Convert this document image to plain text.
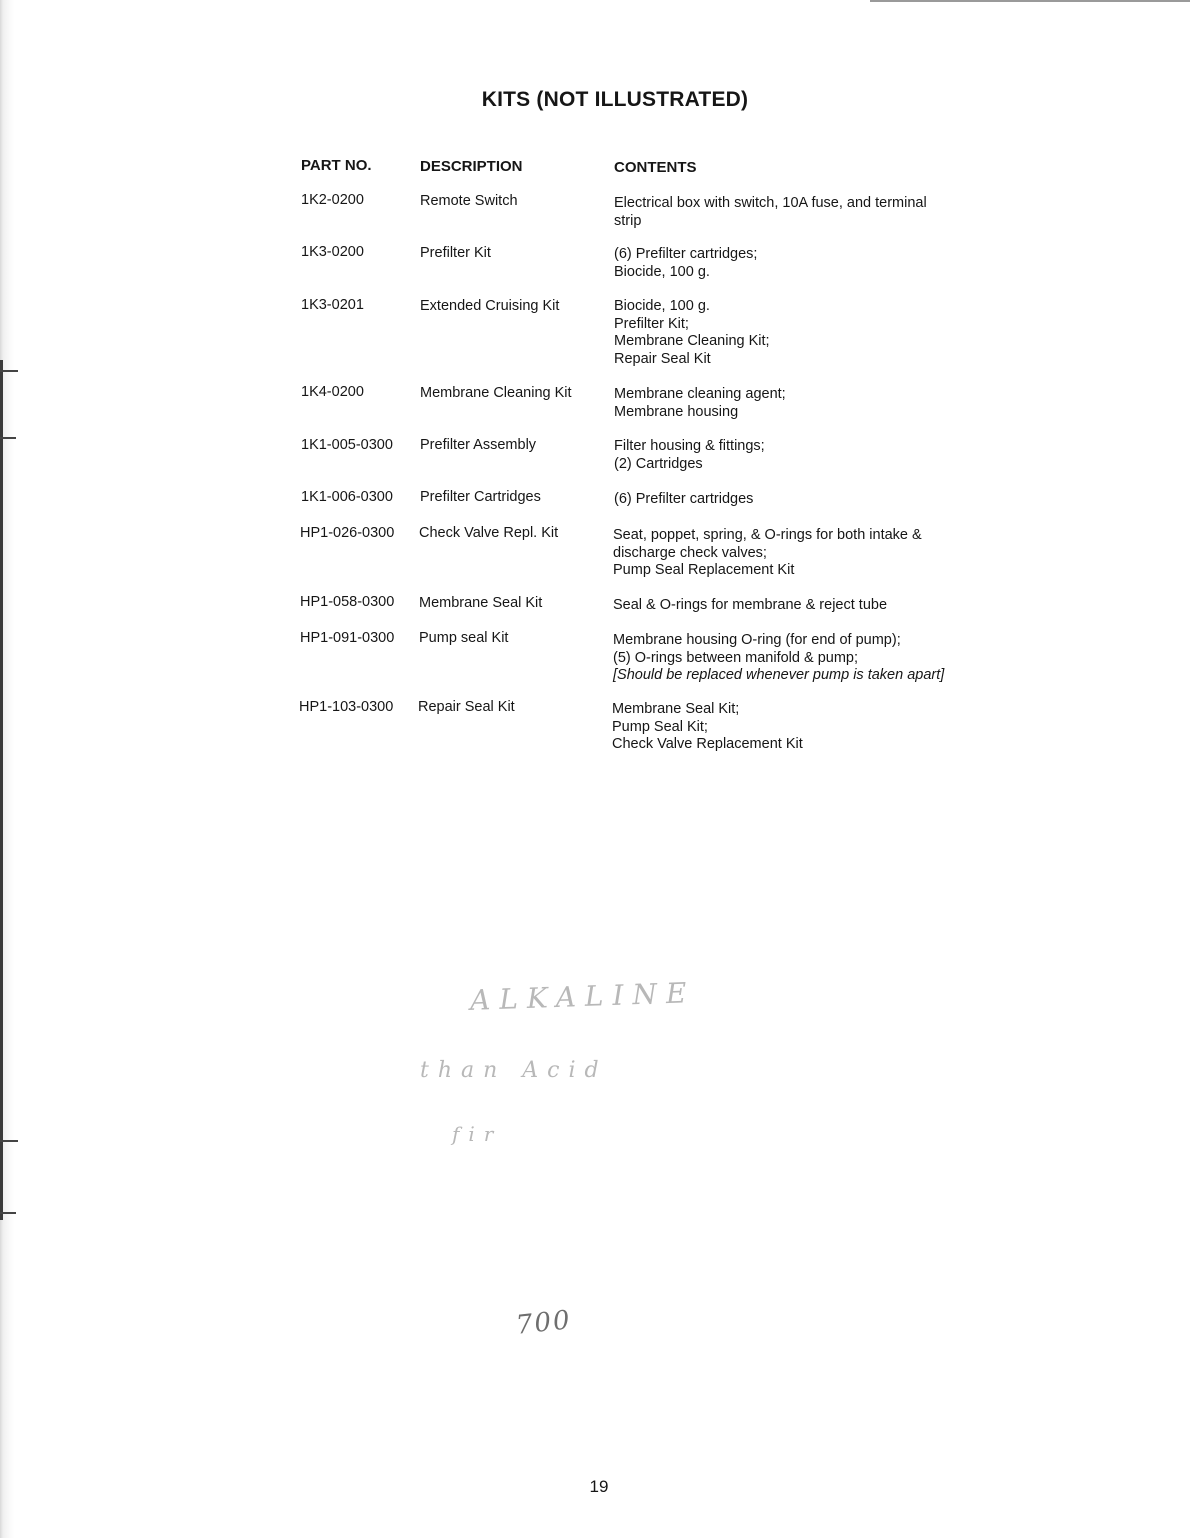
KITS (NOT ILLUSTRATED)
PART NO.	DESCRIPTION	CONTENTS
1K2-0200	Remote Switch	Electrical box with switch, 10A fuse, and terminal
strip
1K3-0200	Prefilter Kit	(6) Prefilter cartridges;
Biocide, 100 g.
1K3-0201	Extended Cruising Kit	Biocide, 100 g.
Prefilter Kit;
Membrane Cleaning Kit;
Repair Seal Kit
1K4-0200	Membrane Cleaning Kit	Membrane cleaning agent;
Membrane housing
1K1-005-0300 Prefilter Assembly	Filter housing & fittings;
(2) Cartridges
1K1-006-0300 Prefilter Cartridges	(6) Prefilter cartridges
HP1-026-0300 Check Valve Repl. Kit	Seat, poppet, spring, & O-rings for both intake &
discharge check valves;
Pump Seal Replacement Kit
HP1-058-0300 Membrane Seal Kit	Seal & O-rings for membrane & reject tube
HP1-091-0300 Pump seal Kit	Membrane housing O-ring (for end of pump);
(5) O-rings between manifold & pump;
[Should be replaced whenever pump is taken apart]
HP1-103-0300 Repair Seal Kit	Membrane Seal Kit;
Pump Seal Kit;
Check Valve Replacement Kit
ALKALINE
than Acid
fir
700
19
